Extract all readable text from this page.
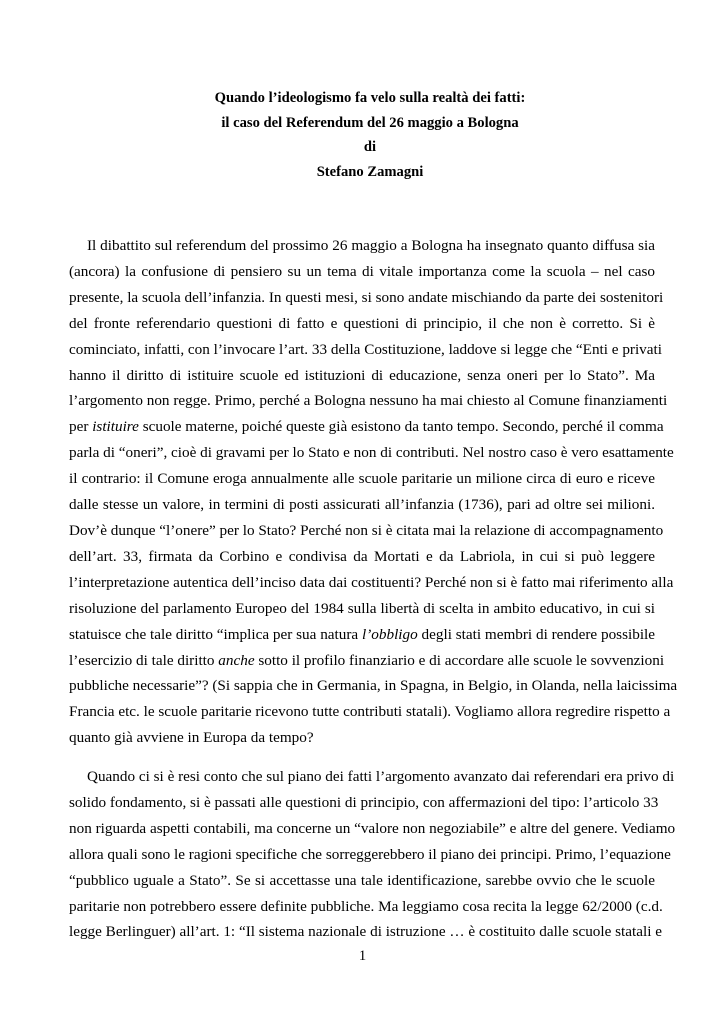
Quando l’ideologismo fa velo sulla realtà dei fatti:
il caso del Referendum del 26 maggio a Bologna
di
Stefano Zamagni
Il dibattito sul referendum del prossimo 26 maggio a Bologna ha insegnato quanto diffusa sia
(ancora) la confusione di pensiero su un tema di vitale importanza come la scuola – nel caso
presente, la scuola dell’infanzia. In questi mesi, si sono andate mischiando da parte dei sostenitori
del fronte referendario questioni di fatto e questioni di principio, il che non è corretto. Si è
cominciato, infatti, con l’invocare l’art. 33 della Costituzione, laddove si legge che “Enti e privati
hanno il diritto di istituire scuole ed istituzioni di educazione, senza oneri per lo Stato”. Ma
l’argomento non regge. Primo, perché a Bologna nessuno ha mai chiesto al Comune finanziamenti
per istituire scuole materne, poiché queste già esistono da tanto tempo. Secondo, perché il comma
parla di “oneri”, cioè di gravami per lo Stato e non di contributi. Nel nostro caso è vero esattamente
il contrario: il Comune eroga annualmente alle scuole paritarie un milione circa di euro e riceve
dalle stesse un valore, in termini di posti assicurati all’infanzia (1736), pari ad oltre sei milioni.
Dov’è dunque “l’onere” per lo Stato? Perché non si è citata mai la relazione di accompagnamento
dell’art. 33, firmata da Corbino e condivisa da Mortati e da Labriola, in cui si può leggere
l’interpretazione autentica dell’inciso data dai costituenti? Perché non si è fatto mai riferimento alla
risoluzione del parlamento Europeo del 1984 sulla libertà di scelta in ambito educativo, in cui si
statuisce che tale diritto “implica per sua natura l’obbligo degli stati membri di rendere possibile
l’esercizio di tale diritto anche sotto il profilo finanziario e di accordare alle scuole le sovvenzioni
pubbliche necessarie”? (Si sappia che in Germania, in Spagna, in Belgio, in Olanda, nella laicissima
Francia etc. le scuole paritarie ricevono tutte contributi statali). Vogliamo allora regredire rispetto a
quanto già avviene in Europa da tempo?
Quando ci si è resi conto che sul piano dei fatti l’argomento avanzato dai referendari era privo di
solido fondamento, si è passati alle questioni di principio, con affermazioni del tipo: l’articolo 33
non riguarda aspetti contabili, ma concerne un “valore non negoziabile” e altre del genere. Vediamo
allora quali sono le ragioni specifiche che sorreggerebbero il piano dei principi. Primo, l’equazione
“pubblico uguale a Stato”. Se si accettasse una tale identificazione, sarebbe ovvio che le scuole
paritarie non potrebbero essere definite pubbliche. Ma leggiamo cosa recita la legge 62/2000 (c.d.
legge Berlinguer) all’art. 1: “Il sistema nazionale di istruzione … è costituito dalle scuole statali e
1
